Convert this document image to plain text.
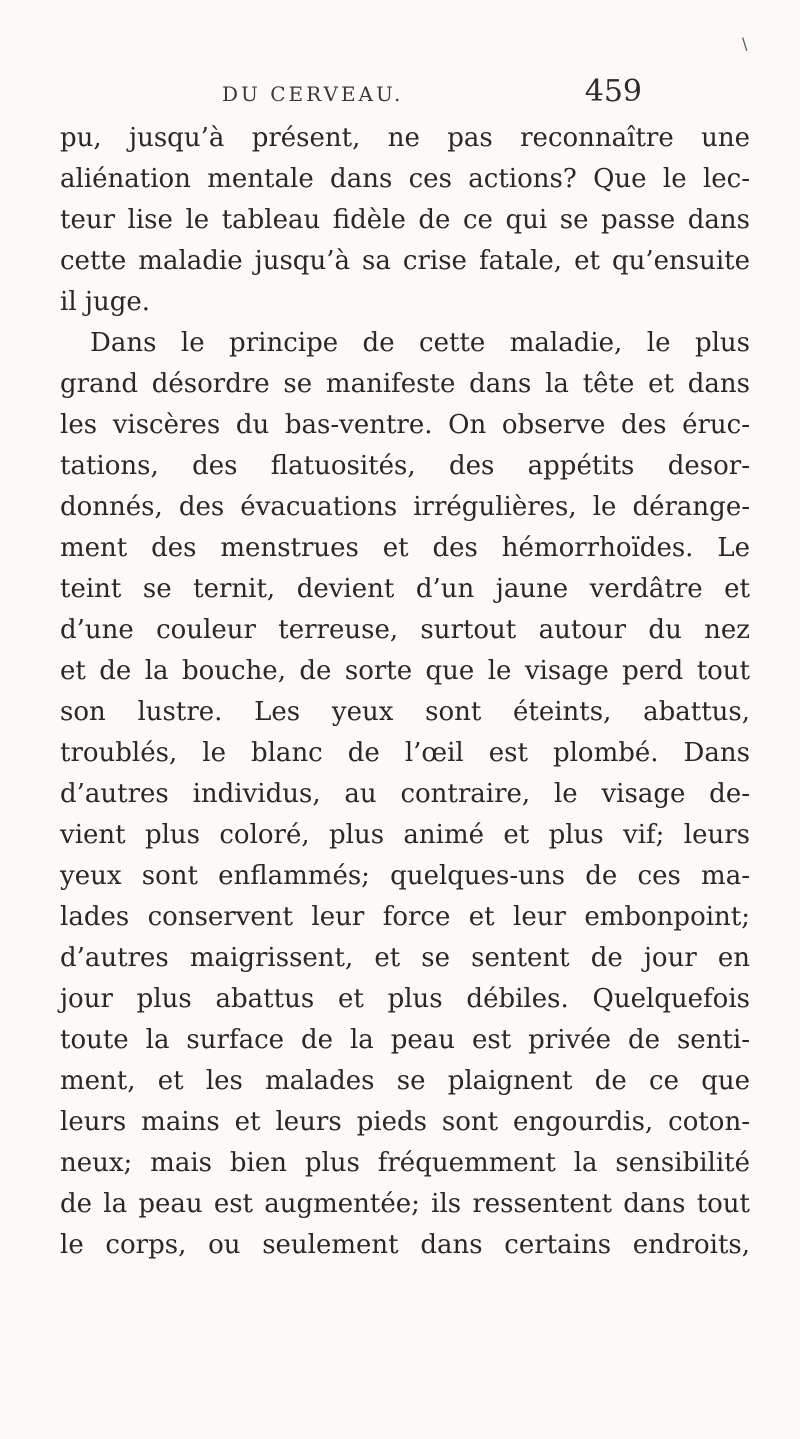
\
DU CERVEAU.	459
pu, jusqu’à présent, ne pas reconnaître une
aliénation mentale dans ces actions? Que le lec-
teur lise le tableau fidèle de ce qui se passe dans
cette maladie jusqu’à sa crise fatale, et qu’ensuite
il juge.
Dans le principe de cette maladie, le plus
grand désordre se manifeste dans la tête et dans
les viscères du bas-ventre. On observe des éruc-
tations, des flatuosités, des appétits desor-
donnés, des évacuations irrégulières, le dérange-
ment des menstrues et des hémorrhoïdes. Le
teint se ternit, devient d’un jaune verdâtre et
d’une couleur terreuse, surtout autour du nez
et de la bouche, de sorte que le visage perd tout
son lustre. Les yeux sont éteints, abattus,
troublés, le blanc de l’œil est plombé. Dans
d’autres individus, au contraire, le visage de-
vient plus coloré, plus animé et plus vif; leurs
yeux sont enflammés; quelques-uns de ces ma-
lades conservent leur force et leur embonpoint;
d’autres maigrissent, et se sentent de jour en
jour plus abattus et plus débiles. Quelquefois
toute la surface de la peau est privée de senti-
ment, et les malades se plaignent de ce que
leurs mains et leurs pieds sont engourdis, coton-
neux; mais bien plus fréquemment la sensibilité
de la peau est augmentée; ils ressentent dans tout
le corps, ou seulement dans certains endroits,
